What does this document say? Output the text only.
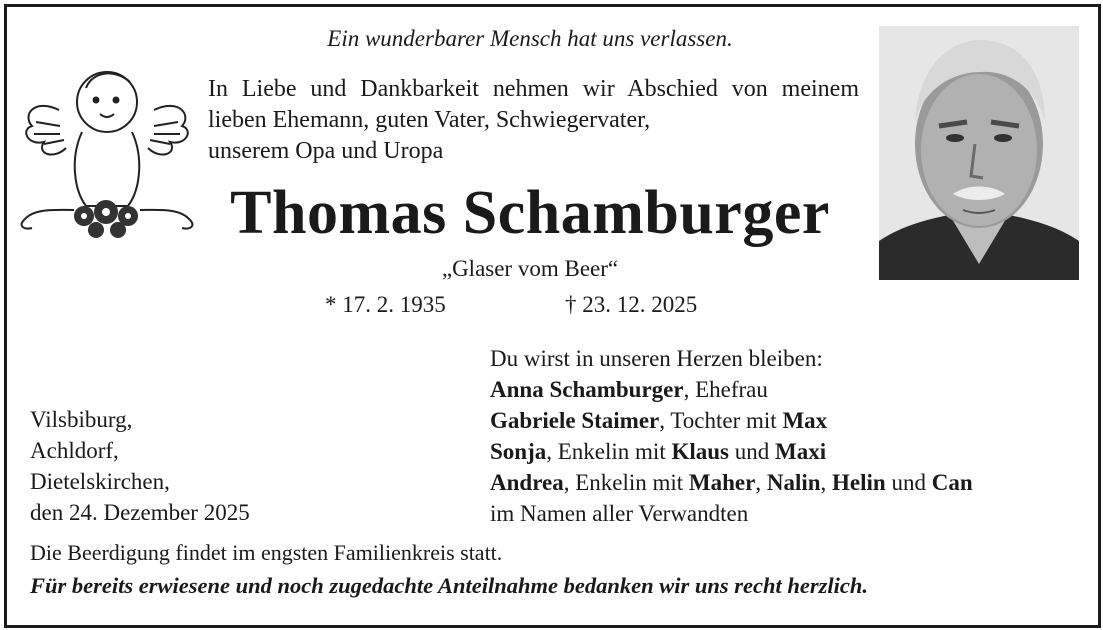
Ein wunderbarer Mensch hat uns verlassen.
In Liebe und Dankbarkeit nehmen wir Abschied von meinem lieben Ehemann, guten Vater, Schwiegervater,
unserem Opa und Uropa
Thomas Schamburger
„Glaser vom Beer“
* 17. 2. 1935	† 23. 12. 2025
Vilsbiburg,
Achldorf,
Dietelskirchen,
den 24. Dezember 2025
Du wirst in unseren Herzen bleiben:
Anna Schamburger, Ehefrau
Gabriele Staimer, Tochter mit Max
Sonja, Enkelin mit Klaus und Maxi
Andrea, Enkelin mit Maher, Nalin, Helin und Can
im Namen aller Verwandten
Die Beerdigung findet im engsten Familienkreis statt.
Für bereits erwiesene und noch zugedachte Anteilnahme bedanken wir uns recht herzlich.
